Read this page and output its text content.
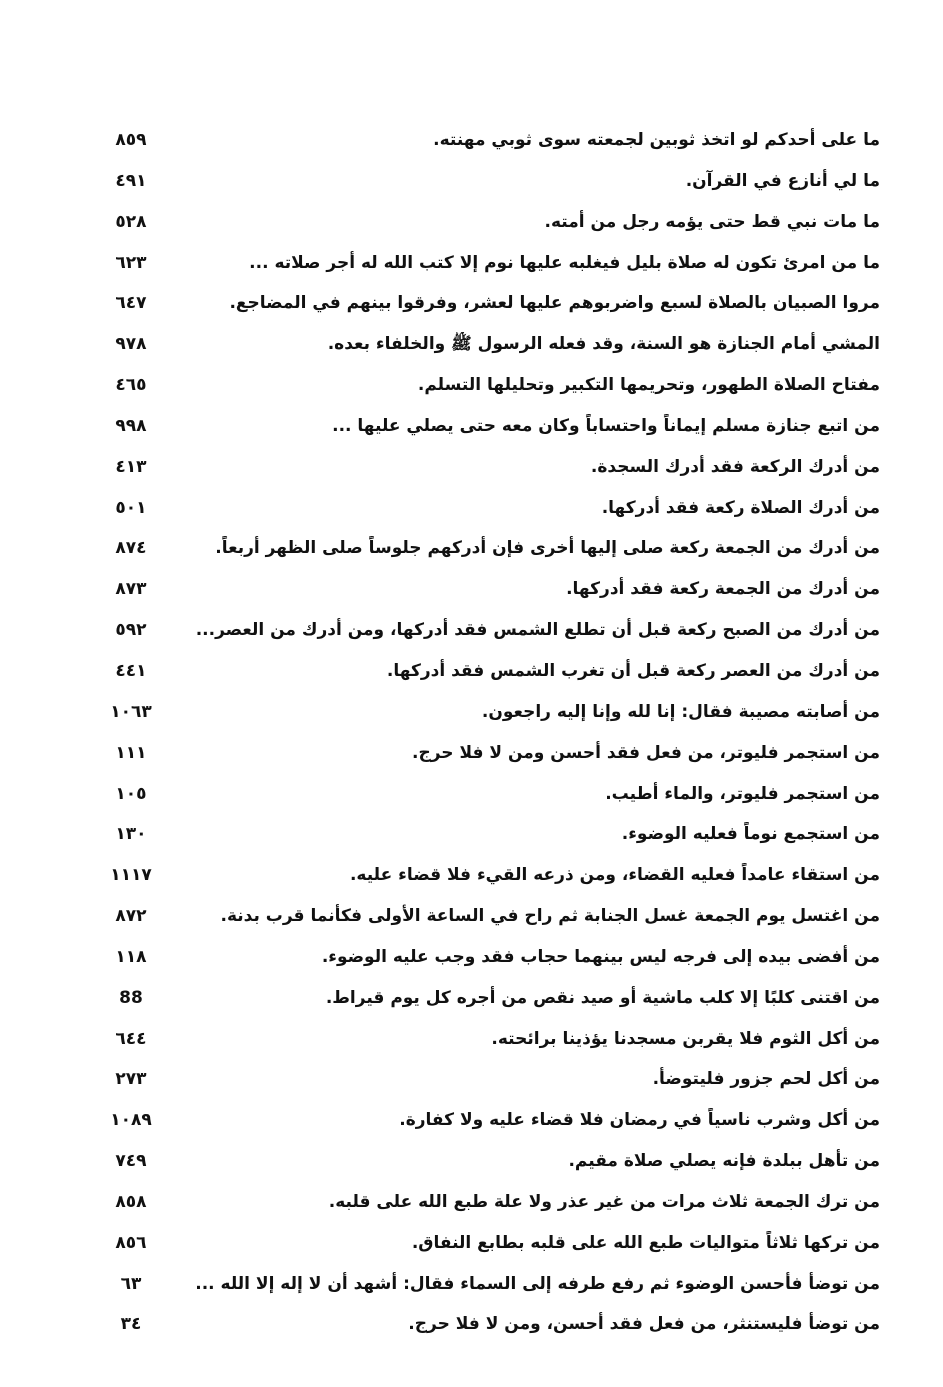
ما على أحدكم لو اتخذ ثوبين لجمعته سوى ثوبي مهنته.
٨٥٩
ما لي أنازع في القرآن.
٤٩١
ما مات نبي قط حتى يؤمه رجل من أمته.
٥٢٨
ما من امرئ تكون له صلاة بليل فيغلبه عليها نوم إلا كتب الله له أجر صلاته ...
٦٢٣
مروا الصبيان بالصلاة لسبع واضربوهم عليها لعشر، وفرقوا بينهم في المضاجع.
٦٤٧
المشي أمام الجنازة هو السنة، وقد فعله الرسول ﷺ والخلفاء بعده.
٩٧٨
مفتاح الصلاة الطهور، وتحريمها التكبير وتحليلها التسلم.
٤٦٥
من اتبع جنازة مسلم إيماناً واحتساباً وكان معه حتى يصلي عليها ...
٩٩٨
من أدرك الركعة فقد أدرك السجدة.
٤١٣
من أدرك الصلاة ركعة فقد أدركها.
٥٠١
من أدرك من الجمعة ركعة صلى إليها أخرى فإن أدركهم جلوساً صلى الظهر أربعاً.
٨٧٤
من أدرك من الجمعة ركعة فقد أدركها.
٨٧٣
من أدرك من الصبح ركعة قبل أن تطلع الشمس فقد أدركها، ومن أدرك من العصر...
٥٩٢
من أدرك من العصر ركعة قبل أن تغرب الشمس فقد أدركها.
٤٤١
من أصابته مصيبة فقال: إنا لله وإنا إليه راجعون.
١٠٦٣
من استجمر فليوتر، من فعل فقد أحسن ومن لا فلا حرج.
١١١
من استجمر فليوتر، والماء أطيب.
١٠٥
من استجمع نوماً فعليه الوضوء.
١٣٠
من استقاء عامداً فعليه القضاء، ومن ذرعه القيء فلا قضاء عليه.
١١١٧
من اغتسل يوم الجمعة غسل الجنابة ثم راح في الساعة الأولى فكأنما قرب بدنة.
٨٧٢
من أفضى بيده إلى فرجه ليس بينهما حجاب فقد وجب عليه الوضوء.
١١٨
من اقتنى كلبًا إلا كلب ماشية أو صيد نقص من أجره كل يوم قيراط.
88
من أكل الثوم فلا يقربن مسجدنا يؤذينا برائحته.
٦٤٤
من أكل لحم جزور فليتوضأ.
٢٧٣
من أكل وشرب ناسياً في رمضان فلا قضاء عليه ولا كفارة.
١٠٨٩
من تأهل ببلدة فإنه يصلي صلاة مقيم.
٧٤٩
من ترك الجمعة ثلاث مرات من غير عذر ولا علة طبع الله على قلبه.
٨٥٨
من تركها ثلاثاً متواليات طبع الله على قلبه بطابع النفاق.
٨٥٦
من توضأ فأحسن الوضوء ثم رفع طرفه إلى السماء فقال: أشهد أن لا إله إلا الله ...
٦٣
من توضأ فليستنثر، من فعل فقد أحسن، ومن لا فلا حرج.
٣٤
